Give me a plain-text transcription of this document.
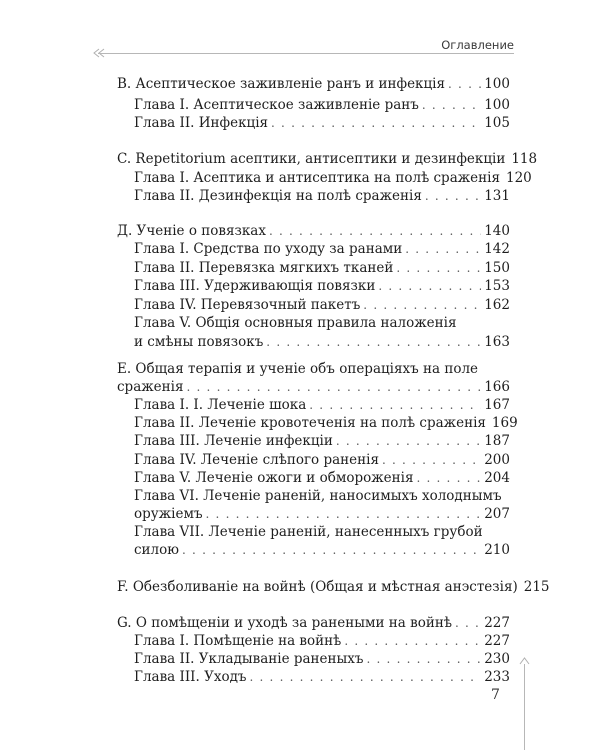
Оглавление
B. Асептическое заживленіе ранъ и инфекція . . .	100
Глава I. Асептическое заживленіе ранъ . . .	100
Глава II. Инфекція . . .	105
C. Repetitorium асептики, антисептики и дезинфекціи 118
Глава I. Асептика и антисептика на полѣ сраженія 120
Глава II. Дезинфекція на полѣ сраженія . . .	131
Д. Ученіе о повязках . . .	140
Глава I. Средства по уходу за ранами . . .	142
Глава II. Перевязка мягкихъ тканей . . .	150
Глава III. Удерживающія повязки . . .	153
Глава IV. Перевязочный пакетъ . . .	162
Глава V. Общія основныя правила наложенія
и смѣны повязокъ . . .	163
E. Общая терапія и ученіе объ операціяхъ на поле
сраженія . . .	166
Глава I. I. Леченіе шока . . .	167
Глава II. Леченіе кровотеченія на полѣ сраженія 169
Глава III. Леченіе инфекціи . . .	187
Глава IV. Леченіе слѣпого раненія . . .	200
Глава V. Леченіе ожоги и обмороженія . . .	204
Глава VI. Леченіе раненій, наносимыхъ холоднымъ
оружіемъ . . .	207
Глава VII. Леченіе раненій, нанесенныхъ грубой
силою . . .	210
F. Обезболиваніе на войнѣ (Общая и мѣстная анэстезія) 215
G. О помѣщеніи и уходѣ за ранеными на войнѣ . . . 227
Глава I. Помѣщеніе на войнѣ . . .	227
Глава II. Укладываніе раненыхъ . . .	230
Глава III. Уходъ . . .	233
7
